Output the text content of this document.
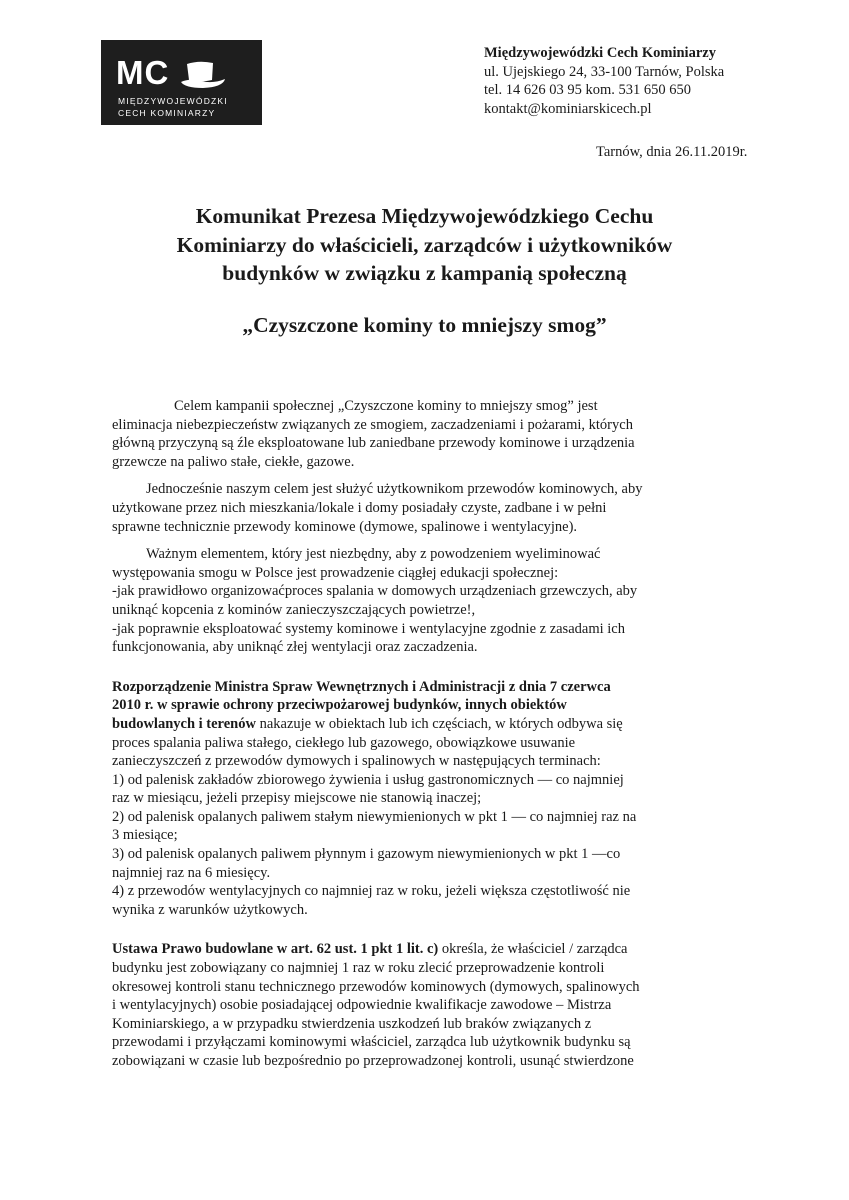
MC
MIĘDZYWOJEWÓDZKI
CECH KOMINIARZY
Międzywojewódzki Cech Kominiarzy
ul. Ujejskiego 24, 33-100 Tarnów, Polska
tel. 14 626 03 95 kom. 531 650 650
kontakt@kominiarskicech.pl
Tarnów, dnia 26.11.2019r.
Komunikat Prezesa Międzywojewódzkiego Cechu
Kominiarzy do właścicieli, zarządców i użytkowników
budynków w związku z kampanią społeczną
„Czyszczone kominy to mniejszy smog”
Celem kampanii społecznej „Czyszczone kominy to mniejszy smog” jest
eliminacja niebezpieczeństw związanych ze smogiem, zaczadzeniami i pożarami, których
główną przyczyną są źle eksploatowane lub zaniedbane przewody kominowe i urządzenia
grzewcze na paliwo stałe, ciekłe, gazowe.
Jednocześnie naszym celem jest służyć użytkownikom przewodów kominowych, aby
użytkowane przez nich mieszkania/lokale i domy posiadały czyste, zadbane i w pełni
sprawne technicznie przewody kominowe (dymowe, spalinowe i wentylacyjne).
Ważnym elementem, który jest niezbędny, aby z powodzeniem wyeliminować
występowania smogu w Polsce jest prowadzenie ciągłej edukacji społecznej:
-jak prawidłowo organizowaćproces spalania w domowych urządzeniach grzewczych, aby
uniknąć kopcenia z kominów zanieczyszczających powietrze!,
-jak poprawnie eksploatować systemy kominowe i wentylacyjne zgodnie z zasadami ich
funkcjonowania, aby uniknąć złej wentylacji oraz zaczadzenia.
Rozporządzenie Ministra Spraw Wewnętrznych i Administracji z dnia 7 czerwca
2010 r. w sprawie ochrony przeciwpożarowej budynków, innych obiektów
budowlanych i terenów nakazuje w obiektach lub ich częściach, w których odbywa się
proces spalania paliwa stałego, ciekłego lub gazowego, obowiązkowe usuwanie
zanieczyszczeń z przewodów dymowych i spalinowych w następujących terminach:
1) od palenisk zakładów zbiorowego żywienia i usług gastronomicznych — co najmniej
raz w miesiącu, jeżeli przepisy miejscowe nie stanowią inaczej;
2) od palenisk opalanych paliwem stałym niewymienionych w pkt 1 — co najmniej raz na
3 miesiące;
3) od palenisk opalanych paliwem płynnym i gazowym niewymienionych w pkt 1 —co
najmniej raz na 6 miesięcy.
4) z przewodów wentylacyjnych co najmniej raz w roku, jeżeli większa częstotliwość nie
wynika z warunków użytkowych.
Ustawa Prawo budowlane w art. 62 ust. 1 pkt 1 lit. c) określa, że właściciel / zarządca
budynku jest zobowiązany co najmniej 1 raz w roku zlecić przeprowadzenie kontroli
okresowej kontroli stanu technicznego przewodów kominowych (dymowych, spalinowych
i wentylacyjnych) osobie posiadającej odpowiednie kwalifikacje zawodowe – Mistrza
Kominiarskiego, a w przypadku stwierdzenia uszkodzeń lub braków związanych z
przewodami i przyłączami kominowymi właściciel, zarządca lub użytkownik budynku są
zobowiązani w czasie lub bezpośrednio po przeprowadzonej kontroli, usunąć stwierdzone
